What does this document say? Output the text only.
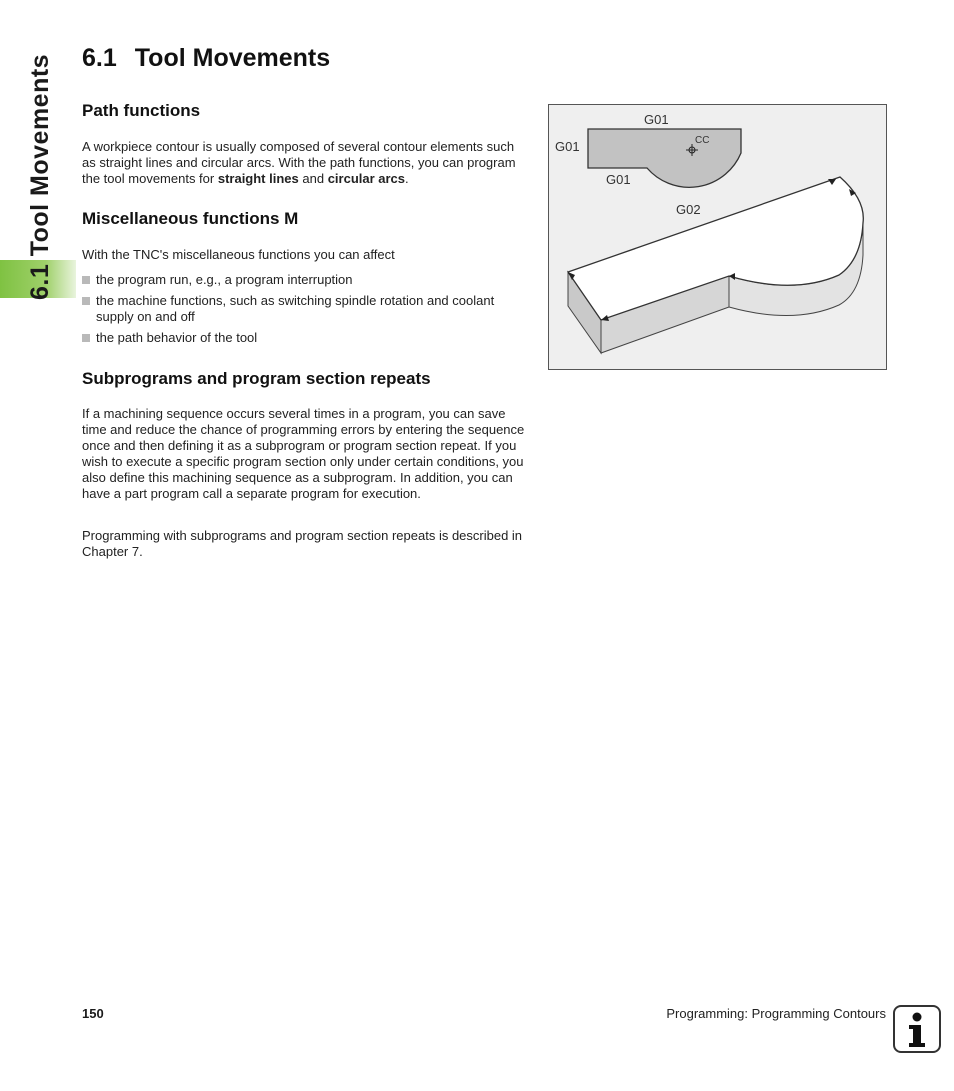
6.1 Tool Movements 6.1 Tool Movements
Path functions

A workpiece contour is usually composed of several contour elements such as straight lines and circular arcs. With the path functions, you can program the tool movements for straight lines and circular arcs.

Miscellaneous functions M

With the TNC's miscellaneous functions you can affect

the program run, e.g., a program interruption
the machine functions, such as switching spindle rotation and coolant supply on and off
the path behavior of the tool
Subprograms and program section repeats

If a machining sequence occurs several times in a program, you can save time and reduce the chance of programming errors by entering the sequence once and then defining it as a subprogram or program section repeat. If you wish to execute a specific program section only under certain conditions, you also define this machining sequence as a subprogram. In addition, you can have a part program call a separate program for execution.

Programming with subprograms and program section repeats is described in Chapter 7.

G01
G01
G01
G02
CC
150	Programming: Programming Contours
